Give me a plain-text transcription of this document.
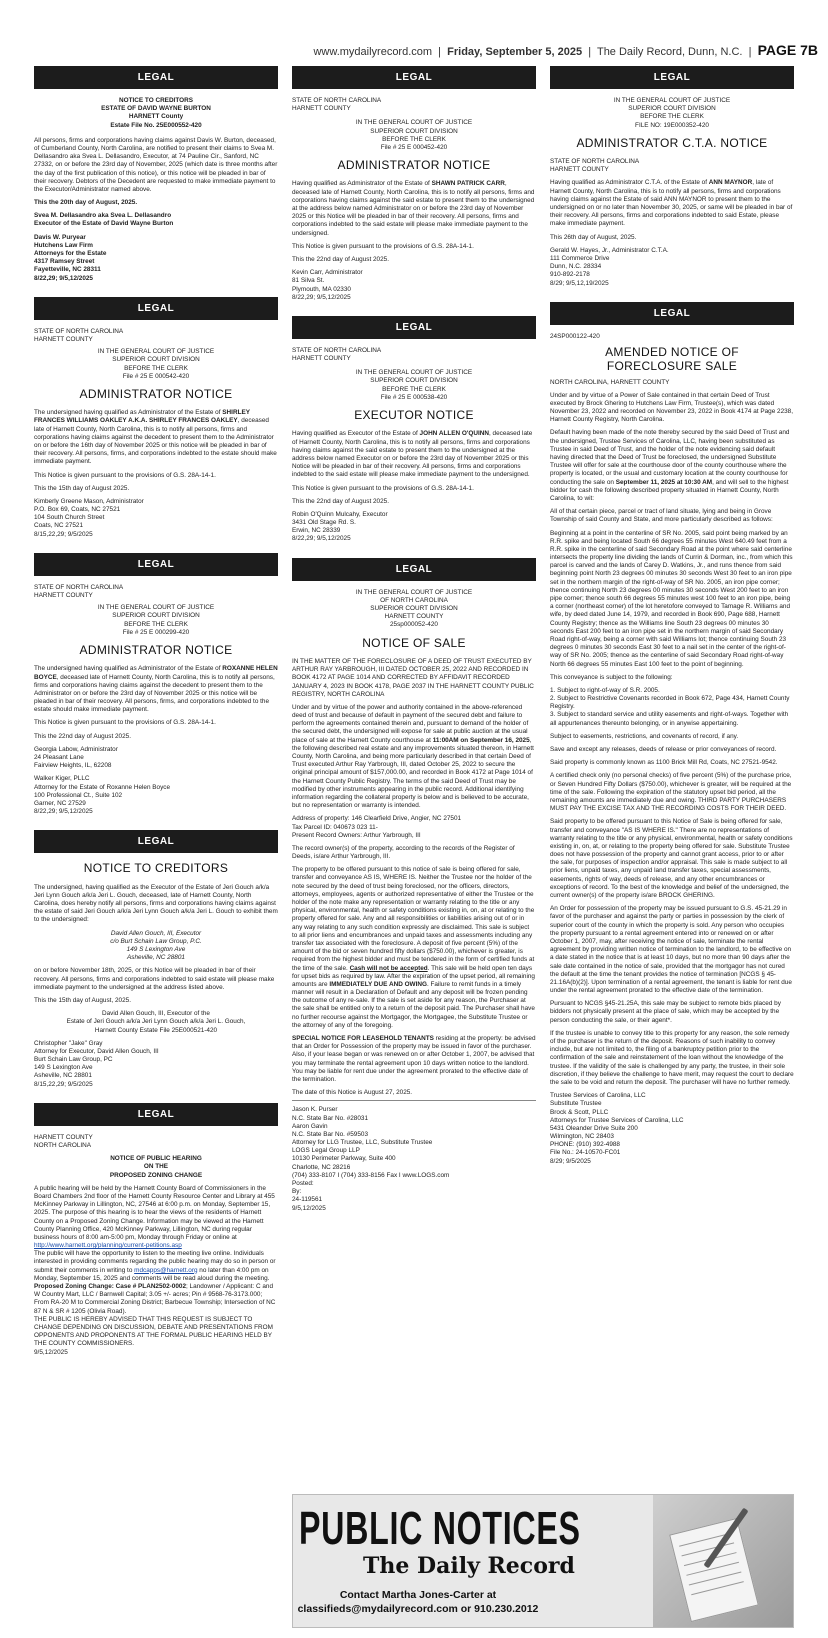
www.mydailyrecord.com  |  Friday, September 5, 2025  |  The Daily Record, Dunn, N.C.  |  PAGE 7B
LEGAL

NOTICE TO CREDITORS
ESTATE OF DAVID WAYNE BURTON
HARNETT County
Estate File No. 25E000552-420

All persons, firms and corporations having claims against Davis W. Burton, deceased, of Cumberland County, North Carolina, are notified to present their claims to Svea M. Dellasandro aka Svea L. Dellasandro, Executor, at 74 Pauline Cir., Sanford, NC 27332, on or before the 23rd day of November, 2025 (which date is three months after the day of the first publication of this notice), or this notice will be pleaded in bar of their recovery. Debtors of the Decedent are requested to make immediate payment to the Executor/Administrator named above.

This the 20th day of August, 2025.

Svea M. Dellasandro aka Svea L. Dellasandro
Executor of the Estate of David Wayne Burton

Davis W. Puryear
Hutchens Law Firm
Attorneys for the Estate
4317 Ramsey Street
Fayetteville, NC 28311
8/22,29; 9/5,12/2025

LEGAL

STATE OF NORTH CAROLINA
HARNETT COUNTY

IN THE GENERAL COURT OF JUSTICE
SUPERIOR COURT DIVISION
BEFORE THE CLERK
File # 25 E 000542-420

ADMINISTRATOR NOTICE

The undersigned having qualified as Administrator of the Estate of SHIRLEY FRANCES WILLIAMS OAKLEY A.K.A. SHIRLEY FRANCES OAKLEY, deceased late of Harnett County, North Carolina, this is to notify all persons, firms and corporations having claims against the decedent to present them to the Administrator on or before the 16th day of November 2025 or this notice will be pleaded in bar of their recovery. All persons, firms, and corporations indebted to the estate should make immediate payment.

This Notice is given pursuant to the provisions of G.S. 28A-14-1.

This the 15th day of August 2025.

Kimberly Greene Mason, Administrator
P.O. Box 69, Coats, NC 27521
104 South Church Street
Coats, NC 27521
8/15,22,29; 9/5/2025

LEGAL

STATE OF NORTH CAROLINA
HARNETT COUNTY

IN THE GENERAL COURT OF JUSTICE
SUPERIOR COURT DIVISION
BEFORE THE CLERK
File # 25 E 000299-420

ADMINISTRATOR NOTICE

The undersigned having qualified as Administrator of the Estate of ROXANNE HELEN BOYCE, deceased late of Harnett County, North Carolina, this is to notify all persons, firms and corporations having claims against the decedent to present them to the Administrator on or before the 23rd day of November 2025 or this notice will be pleaded in bar of their recovery. All persons, firms, and corporations indebted to the estate should make immediate payment.

This Notice is given pursuant to the provisions of G.S. 28A-14-1.

This the 22nd day of August 2025.

Georgia Labow, Administrator
24 Pleasant Lane
Fairview Heights, IL, 62208

Walker Kiger, PLLC
Attorney for the Estate of Roxanne Helen Boyce
100 Professional Ct., Suite 102
Garner, NC 27529
8/22,29; 9/5,12/2025

LEGAL
NOTICE TO CREDITORS

The undersigned, having qualified as the Executor of the Estate of Jeri Gouch a/k/a Jeri Lynn Gouch a/k/a Jeri L. Gouch, deceased, late of Harnett County, North Carolina, does hereby notify all persons, firms and corporations having claims against the estate of said Jeri Gouch a/k/a Jeri Lynn Gouch a/k/a Jeri L. Gouch to exhibit them to the undersigned:

David Allen Gouch, III, Executor
c/o Burt Schain Law Group, P.C.
149 S Lexington Ave
Asheville, NC 28801

on or before November 18th, 2025, or this Notice will be pleaded in bar of their recovery. All persons, firms and corporations indebted to said estate will please make immediate payment to the undersigned at the address listed above.

This the 15th day of August, 2025.

David Allen Gouch, III, Executor of the
Estate of Jeri Gouch a/k/a Jeri Lynn Gouch a/k/a Jeri L. Gouch,
Harnett County Estate File 25E000521-420

Christopher "Jake" Gray
Attorney for Executor, David Allen Gouch, III
Burt Schain Law Group, PC
149 S Lexington Ave
Asheville, NC 28801
8/15,22,29; 9/5/2025

LEGAL

HARNETT COUNTY
NORTH CAROLINA

NOTICE OF PUBLIC HEARING
ON THE
PROPOSED ZONING CHANGE

A public hearing will be held by the Harnett County Board of Commissioners in the Board Chambers 2nd floor of the Harnett County Resource Center and Library at 455 McKinney Parkway in Lillington, NC, 27546 at 6:00 p.m. on Monday, September 15, 2025. The purpose of this hearing is to hear the views of the residents of Harnett County on a Proposed Zoning Change. Information may be viewed at the Harnett County Planning Office, 420 McKinney Parkway, Lillington, NC during regular business hours of 8:00 am-5:00 pm, Monday through Friday or online at
http://www.harnett.org/planning/current-petitions.asp
The public will have the opportunity to listen to the meeting live online. Individuals interested in providing comments regarding the public hearing may do so in person or submit their comments in writing to mdcapps@harnett.org no later than 4:00 pm on Monday, September 15, 2025 and comments will be read aloud during the meeting.
Proposed Zoning Change: Case # PLAN2502-0002; Landowner / Applicant: C and W Country Mart, LLC / Barnwell Capital; 3.05 +/- acres; Pin # 9568-76-3173.000; From RA-20 M to Commercial Zoning District; Barbecue Township; Intersection of NC 87 N & SR # 1205 (Olivia Road).
THE PUBLIC IS HEREBY ADVISED THAT THIS REQUEST IS SUBJECT TO CHANGE DEPENDING ON DISCUSSION, DEBATE AND PRESENTATIONS FROM OPPONENTS AND PROPONENTS AT THE FORMAL PUBLIC HEARING HELD BY THE COUNTY COMMISSIONERS.
9/5,12/2025

LEGAL

STATE OF NORTH CAROLINA
HARNETT COUNTY

IN THE GENERAL COURT OF JUSTICE
SUPERIOR COURT DIVISION
BEFORE THE CLERK
File # 25 E 000452-420

ADMINISTRATOR NOTICE

Having qualified as Administrator of the Estate of SHAWN PATRICK CARR, deceased late of Harnett County, North Carolina, this is to notify all persons, firms and corporations having claims against the said estate to present them to the undersigned at the address below named Administrator on or before the 23rd day of November 2025 or this Notice will be pleaded in bar of their recovery. All persons, firms and corporations indebted to the said estate will please make immediate payment to the undersigned.

This Notice is given pursuant to the provisions of G.S. 28A-14-1.

This the 22nd day of August 2025.

Kevin Carr, Administrator
81 Silva St.
Plymouth, MA 02330
8/22,29; 9/5,12/2025

LEGAL

STATE OF NORTH CAROLINA
HARNETT COUNTY

IN THE GENERAL COURT OF JUSTICE
SUPERIOR COURT DIVISION
BEFORE THE CLERK
File # 25 E 000538-420

EXECUTOR NOTICE

Having qualified as Executor of the Estate of JOHN ALLEN O'QUINN, deceased late of Harnett County, North Carolina, this is to notify all persons, firms and corporations having claims against the said estate to present them to the undersigned at the address below named Executor on or before the 23rd day of November 2025 or this Notice will be pleaded in bar of their recovery. All persons, firms and corporations indebted to the said estate will please make immediate payment to the undersigned.

This Notice is given pursuant to the provisions of G.S. 28A-14-1.

This the 22nd day of August 2025.

Robin O'Quinn Mulcahy, Executor
3431 Old Stage Rd. S.
Erwin, NC 28339
8/22,29; 9/5,12/2025

LEGAL

IN THE GENERAL COURT OF JUSTICE
OF NORTH CAROLINA
SUPERIOR COURT DIVISION
HARNETT COUNTY
25sp000052-420

NOTICE OF SALE

IN THE MATTER OF THE FORECLOSURE OF A DEED OF TRUST EXECUTED BY ARTHUR RAY YARBROUGH, III DATED OCTOBER 25, 2022 AND RECORDED IN BOOK 4172 AT PAGE 1014 AND CORRECTED BY AFFIDAVIT RECORDED JANUARY 4, 2023 IN BOOK 4178, PAGE 2037 IN THE HARNETT COUNTY PUBLIC REGISTRY, NORTH CAROLINA

Under and by virtue of the power and authority contained in the above-referenced deed of trust and because of default in payment of the secured debt and failure to perform the agreements contained therein and, pursuant to demand of the holder of the secured debt, the undersigned will expose for sale at public auction at the usual place of sale at the Harnett County courthouse at 11:00AM on September 16, 2025, the following described real estate and any improvements situated thereon, in Harnett County, North Carolina, and being more particularly described in that certain Deed of Trust executed Arthur Ray Yarbrough, III, dated October 25, 2022 to secure the original principal amount of $157,000.00, and recorded in Book 4172 at Page 1014 of the Harnett County Public Registry. The terms of the said Deed of Trust may be modified by other instruments appearing in the public record. Additional identifying information regarding the collateral property is below and is believed to be accurate, but no representation or warranty is intended.

Address of property: 146 Clearfield Drive, Angier, NC 27501
Tax Parcel ID: 040673 023 11-
Present Record Owners: Arthur Yarbrough, III

The record owner(s) of the property, according to the records of the Register of Deeds, is/are Arthur Yarbrough, III.

The property to be offered pursuant to this notice of sale is being offered for sale, transfer and conveyance AS IS, WHERE IS. Neither the Trustee nor the holder of the note secured by the deed of trust being foreclosed, nor the officers, directors, attorneys, employees, agents or authorized representative of either the Trustee or the holder of the note make any representation or warranty relating to the title or any physical, environmental, health or safety conditions existing in, on, at or relating to the property offered for sale. Any and all responsibilities or liabilities arising out of or in any way relating to any such condition expressly are disclaimed. This sale is subject to all prior liens and encumbrances and unpaid taxes and assessments including any transfer tax associated with the foreclosure. A deposit of five percent (5%) of the amount of the bid or seven hundred fifty dollars ($750.00), whichever is greater, is required from the highest bidder and must be tendered in the form of certified funds at the time of the sale. Cash will not be accepted. This sale will be held open ten days for upset bids as required by law. After the expiration of the upset period, all remaining amounts are IMMEDIATELY DUE AND OWING. Failure to remit funds in a timely manner will result in a Declaration of Default and any deposit will be frozen pending the outcome of any re-sale. If the sale is set aside for any reason, the Purchaser at the sale shall be entitled only to a return of the deposit paid. The Purchaser shall have no further recourse against the Mortgagor, the Mortgagee, the Substitute Trustee or the attorney of any of the foregoing.

SPECIAL NOTICE FOR LEASEHOLD TENANTS residing at the property: be advised that an Order for Possession of the property may be issued in favor of the purchaser. Also, if your lease began or was renewed on or after October 1, 2007, be advised that you may terminate the rental agreement upon 10 days written notice to the landlord. You may be liable for rent due under the agreement prorated to the effective date of the termination.

The date of this Notice is August 27, 2025.

Jason K. Purser
N.C. State Bar No. #28031
Aaron Gavin
N.C. State Bar No. #59503
Attorney for LLG Trustee, LLC, Substitute Trustee
LOGS Legal Group LLP
10130 Perimeter Parkway, Suite 400
Charlotte, NC 28216
(704) 333-8107 I (704) 333-8156 Fax I www.LOGS.com
Posted:
By:
24-119561
9/5,12/2025

LEGAL

IN THE GENERAL COURT OF JUSTICE
SUPERIOR COURT DIVISION
BEFORE THE CLERK
FILE NO: 19E000352-420

ADMINISTRATOR C.T.A. NOTICE

STATE OF NORTH CAROLINA
HARNETT COUNTY

Having qualified as Administrator C.T.A. of the Estate of ANN MAYNOR, late of Harnett County, North Carolina, this is to notify all persons, firms and corporations having claims against the Estate of said ANN MAYNOR to present them to the undersigned on or no later than November 30, 2025, or same will be pleaded in bar of their recovery. All persons, firms and corporations indebted to said Estate, please make immediate payment.

This 26th day of August, 2025.

Gerald W. Hayes, Jr., Administrator C.T.A.
111 Commerce Drive
Dunn, N.C. 28334
910-892-2178
8/29; 9/5,12,19/2025

LEGAL

24SP000122-420

AMENDED NOTICE OF
FORECLOSURE SALE

NORTH CAROLINA, HARNETT COUNTY

Under and by virtue of a Power of Sale contained in that certain Deed of Trust executed by Brock Ghering to Hutchens Law Firm, Trustee(s), which was dated November 23, 2022 and recorded on November 23, 2022 in Book 4174 at Page 2238, Harnett County Registry, North Carolina.

Default having been made of the note thereby secured by the said Deed of Trust and the undersigned, Trustee Services of Carolina, LLC, having been substituted as Trustee in said Deed of Trust, and the holder of the note evidencing said default having directed that the Deed of Trust be foreclosed, the undersigned Substitute Trustee will offer for sale at the courthouse door of the county courthouse where the property is located, or the usual and customary location at the county courthouse for conducting the sale on September 11, 2025 at 10:30 AM, and will sell to the highest bidder for cash the following described property situated in Harnett County, North Carolina, to wit:

All of that certain piece, parcel or tract of land situate, lying and being in Grove Township of said County and State, and more particularly described as follows:

Beginning at a point in the centerline of SR No. 2005, said point being marked by an R.R. spike and being located South 66 degrees 55 minutes West 640.49 feet from a R.R. spike in the centerline of said Secondary Road at the point where said centerline intersects the property line dividing the lands of Currin & Dorman, inc., from which this parcel is carved and the lands of Carey D. Watkins, Jr., and runs thence from said beginning point North 23 degrees 00 minutes 30 seconds West 30 feet to an iron pipe set in the northern margin of the right-of-way of SR No. 2005, an iron pipe corner; thence continuing North 23 degrees 00 minutes 30 seconds West 200 feet to an iron pipe corner; thence south 66 degrees 55 minutes west 100 feet to an iron pipe, being a corner (northeast corner) of the lot heretofore conveyed to Tamage R. Williams and wife, by deed dated June 14, 1979, and recorded in Book 690, Page 688, Harnett County Registry; thence as the Williams line South 23 degrees 00 minutes 30 seconds East 200 feet to an iron pipe set in the northern margin of said Secondary Road right-of-way, being a corner with said Williams lot; thence continuing South 23 degrees 0 minutes 30 seconds East 30 feet to a nail set in the center of the right-of-way of SR No. 2005; thence as the centerline of said Secondary Road right-of-way North 66 degrees 55 minutes East 100 feet to the point of beginning.

This conveyance is subject to the following:

1. Subject to right-of-way of S.R. 2005.
2. Subject to Restrictive Covenants recorded in Book 672, Page 434, Harnett County Registry.
3. Subject to standard service and utility easements and right-of-ways. Together with all appurtenances thereunto belonging, or in anywise appertaining.

Subject to easements, restrictions, and covenants of record, if any.

Save and except any releases, deeds of release or prior conveyances of record.

Said property is commonly known as 1100 Brick Mill Rd, Coats, NC 27521-9542.

A certified check only (no personal checks) of five percent (5%) of the purchase price, or Seven Hundred Fifty Dollars ($750.00), whichever is greater, will be required at the time of the sale. Following the expiration of the statutory upset bid period, all the remaining amounts are immediately due and owing. THIRD PARTY PURCHASERS MUST PAY THE EXCISE TAX AND THE RECORDING COSTS FOR THEIR DEED.

Said property to be offered pursuant to this Notice of Sale is being offered for sale, transfer and conveyance "AS IS WHERE IS." There are no representations of warranty relating to the title or any physical, environmental, health or safety conditions existing in, on, at, or relating to the property being offered for sale. Substitute Trustee does not have possession of the property and cannot grant access, prior to or after the sale, for purposes of inspection and/or appraisal. This sale is made subject to all prior liens, unpaid taxes, any unpaid land transfer taxes, special assessments, easements, rights of way, deeds of release, and any other encumbrances or exceptions of record. To the best of the knowledge and belief of the undersigned, the current owner(s) of the property is/are BROCK GHERING.

An Order for possession of the property may be issued pursuant to G.S. 45-21.29 in favor of the purchaser and against the party or parties in possession by the clerk of superior court of the county in which the property is sold. Any person who occupies the property pursuant to a rental agreement entered into or renewed on or after October 1, 2007, may, after receiving the notice of sale, terminate the rental agreement by providing written notice of termination to the landlord, to be effective on a date stated in the notice that is at least 10 days, but no more than 90 days after the sale date contained in the notice of sale, provided that the mortgagor has not cured the default at the time the tenant provides the notice of termination [NCGS § 45-21.16A(b)(2)]. Upon termination of a rental agreement, the tenant is liable for rent due under the rental agreement prorated to the effective date of the termination.

Pursuant to NCGS §45-21.25A, this sale may be subject to remote bids placed by bidders not physically present at the place of sale, which may be accepted by the person conducting the sale, or their agent*.

If the trustee is unable to convey title to this property for any reason, the sole remedy of the purchaser is the return of the deposit. Reasons of such inability to convey include, but are not limited to, the filing of a bankruptcy petition prior to the confirmation of the sale and reinstatement of the loan without the knowledge of the trustee. If the validity of the sale is challenged by any party, the trustee, in their sole discretion, if they believe the challenge to have merit, may request the court to declare the sale to be void and return the deposit. The purchaser will have no further remedy.

Trustee Services of Carolina, LLC
Substitute Trustee
Brock & Scott, PLLC
Attorneys for Trustee Services of Carolina, LLC
5431 Oleander Drive Suite 200
Wilmington, NC 28403
PHONE: (910) 392-4988
File No.: 24-10570-FC01
8/29; 9/5/2025

PUBLIC NOTICES
The Daily Record
Contact Martha Jones-Carter at
classifieds@mydailyrecord.com or 910.230.2012
